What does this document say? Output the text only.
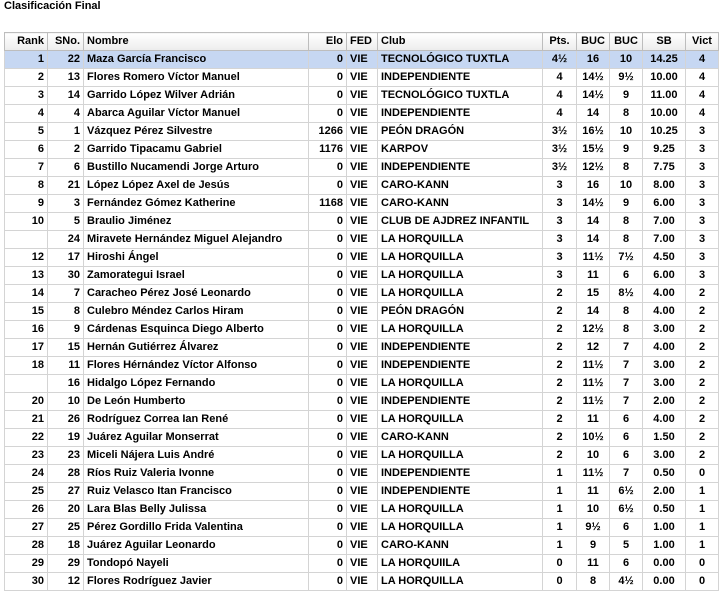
Clasificación Final
Rank	SNo.	Nombre	Elo	FED	Club	Pts.	BUC	BUC	SB	Vict
1	22	Maza García Francisco	0	VIE	TECNOLÓGICO TUXTLA	4½	16	10	14.25	4
2	13	Flores Romero Víctor Manuel	0	VIE	INDEPENDIENTE	4	14½	9½	10.00	4
3	14	Garrido López Wilver Adrián	0	VIE	TECNOLÓGICO TUXTLA	4	14½	9	11.00	4
4	4	Abarca Aguilar Víctor Manuel	0	VIE	INDEPENDIENTE	4	14	8	10.00	4
5	1	Vázquez Pérez Silvestre	1266	VIE	PEÓN DRAGÓN	3½	16½	10	10.25	3
6	2	Garrido Tipacamu Gabriel	1176	VIE	KARPOV	3½	15½	9	9.25	3
7	6	Bustillo Nucamendi Jorge Arturo	0	VIE	INDEPENDIENTE	3½	12½	8	7.75	3
8	21	López López Axel de Jesús	0	VIE	CARO-KANN	3	16	10	8.00	3
9	3	Fernández Gómez Katherine	1168	VIE	CARO-KANN	3	14½	9	6.00	3
10	5	Braulio Jiménez	0	VIE	CLUB DE AJDREZ INFANTIL	3	14	8	7.00	3
	24	Miravete Hernández Miguel Alejandro	0	VIE	LA HORQUILLA	3	14	8	7.00	3
12	17	Hiroshi Ángel	0	VIE	LA HORQUILLA	3	11½	7½	4.50	3
13	30	Zamorategui Israel	0	VIE	LA HORQUILLA	3	11	6	6.00	3
14	7	Caracheo Pérez José Leonardo	0	VIE	LA HORQUILLA	2	15	8½	4.00	2
15	8	Culebro Méndez Carlos Hiram	0	VIE	PEÓN DRAGÓN	2	14	8	4.00	2
16	9	Cárdenas Esquinca Diego Alberto	0	VIE	LA HORQUILLA	2	12½	8	3.00	2
17	15	Hernán Gutiérrez Álvarez	0	VIE	INDEPENDIENTE	2	12	7	4.00	2
18	11	Flores Hérnández Víctor Alfonso	0	VIE	INDEPENDIENTE	2	11½	7	3.00	2
	16	Hidalgo López Fernando	0	VIE	LA HORQUILLA	2	11½	7	3.00	2
20	10	De León Humberto	0	VIE	INDEPENDIENTE	2	11½	7	2.00	2
21	26	Rodríguez Correa Ian René	0	VIE	LA HORQUILLA	2	11	6	4.00	2
22	19	Juárez Aguilar Monserrat	0	VIE	CARO-KANN	2	10½	6	1.50	2
23	23	Miceli Nájera Luis André	0	VIE	LA HORQUILLA	2	10	6	3.00	2
24	28	Ríos Ruiz Valeria Ivonne	0	VIE	INDEPENDIENTE	1	11½	7	0.50	0
25	27	Ruiz Velasco Itan Francisco	0	VIE	INDEPENDIENTE	1	11	6½	2.00	1
26	20	Lara Blas Belly Julissa	0	VIE	LA HORQUILLA	1	10	6½	0.50	1
27	25	Pérez Gordillo Frida Valentina	0	VIE	LA HORQUILLA	1	9½	6	1.00	1
28	18	Juárez Aguilar Leonardo	0	VIE	CARO-KANN	1	9	5	1.00	1
29	29	Tondopó Nayeli	0	VIE	LA HORQUIILA	0	11	6	0.00	0
30	12	Flores Rodríguez Javier	0	VIE	LA HORQUILLA	0	8	4½	0.00	0
